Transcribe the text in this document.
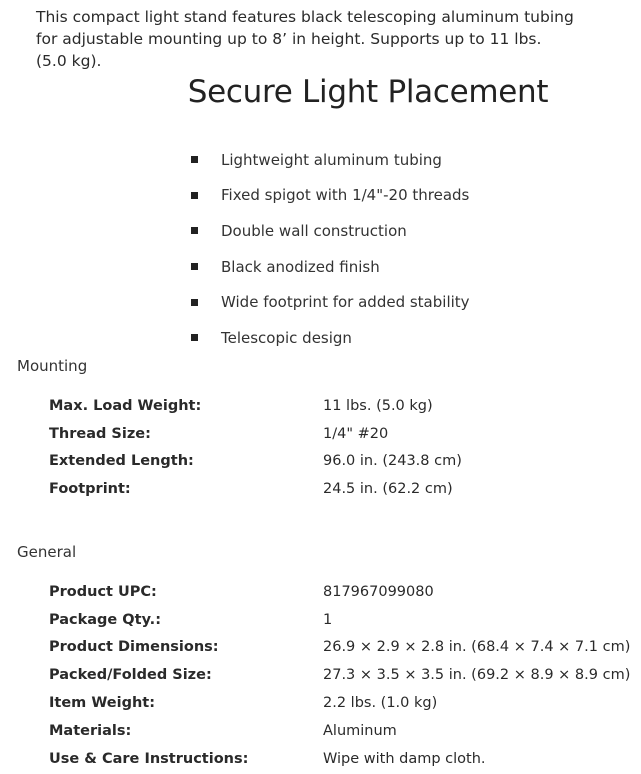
This compact light stand features black telescoping aluminum tubing for adjustable mounting up to 8’ in height. Supports up to 11 lbs. (5.0 kg).

Secure Light Placement
Lightweight aluminum tubing
Fixed spigot with 1/4"-20 threads
Double wall construction
Black anodized finish
Wide footprint for added stability
Telescopic design
Mounting
Max. Load Weight:	11 lbs. (5.0 kg)
Thread Size:	1/4" #20
Extended Length:	96.0 in. (243.8 cm)
Footprint:	24.5 in. (62.2 cm)
General
Product UPC:	817967099080
Package Qty.:	1
Product Dimensions:	26.9 × 2.9 × 2.8 in. (68.4 × 7.4 × 7.1 cm)
Packed/Folded Size:	27.3 × 3.5 × 3.5 in. (69.2 × 8.9 × 8.9 cm)
Item Weight:	2.2 lbs. (1.0 kg)
Materials:	Aluminum
Use & Care Instructions:	Wipe with damp cloth.
